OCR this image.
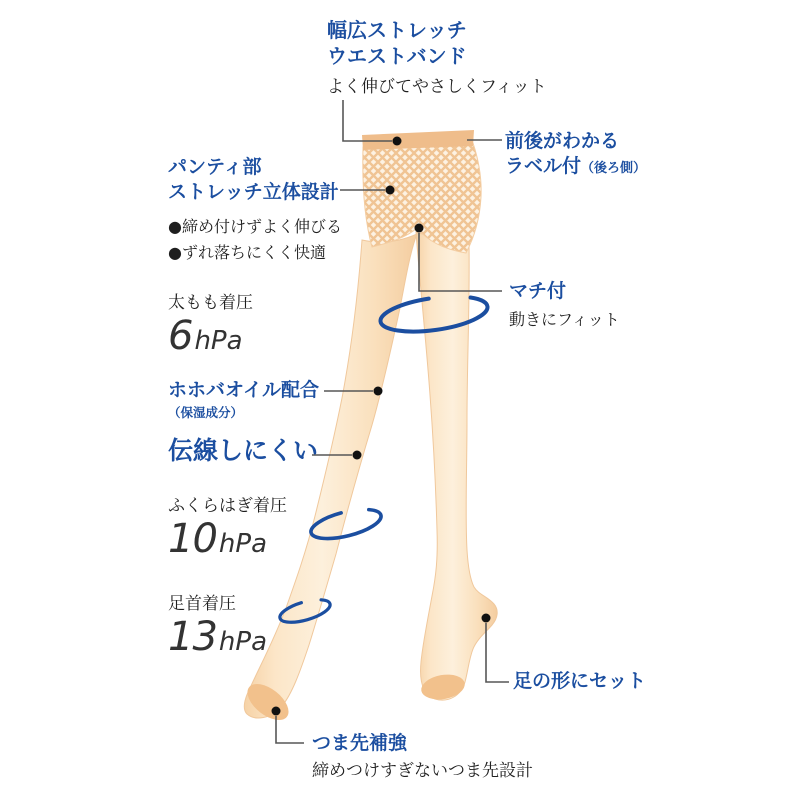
幅広ストレッチ
ウエストバンド
よく伸びてやさしくフィット
前後がわかる
ラベル付（後ろ側）
パンティ部
ストレッチ立体設計
●締め付けずよく伸びる
●ずれ落ちにくく快適
太もも着圧
6 hPa
マチ付
動きにフィット
ホホバオイル配合
（保湿成分）
伝線しにくい
ふくらはぎ着圧
10 hPa
足首着圧
13 hPa
足の形にセット
つま先補強
締めつけすぎないつま先設計
